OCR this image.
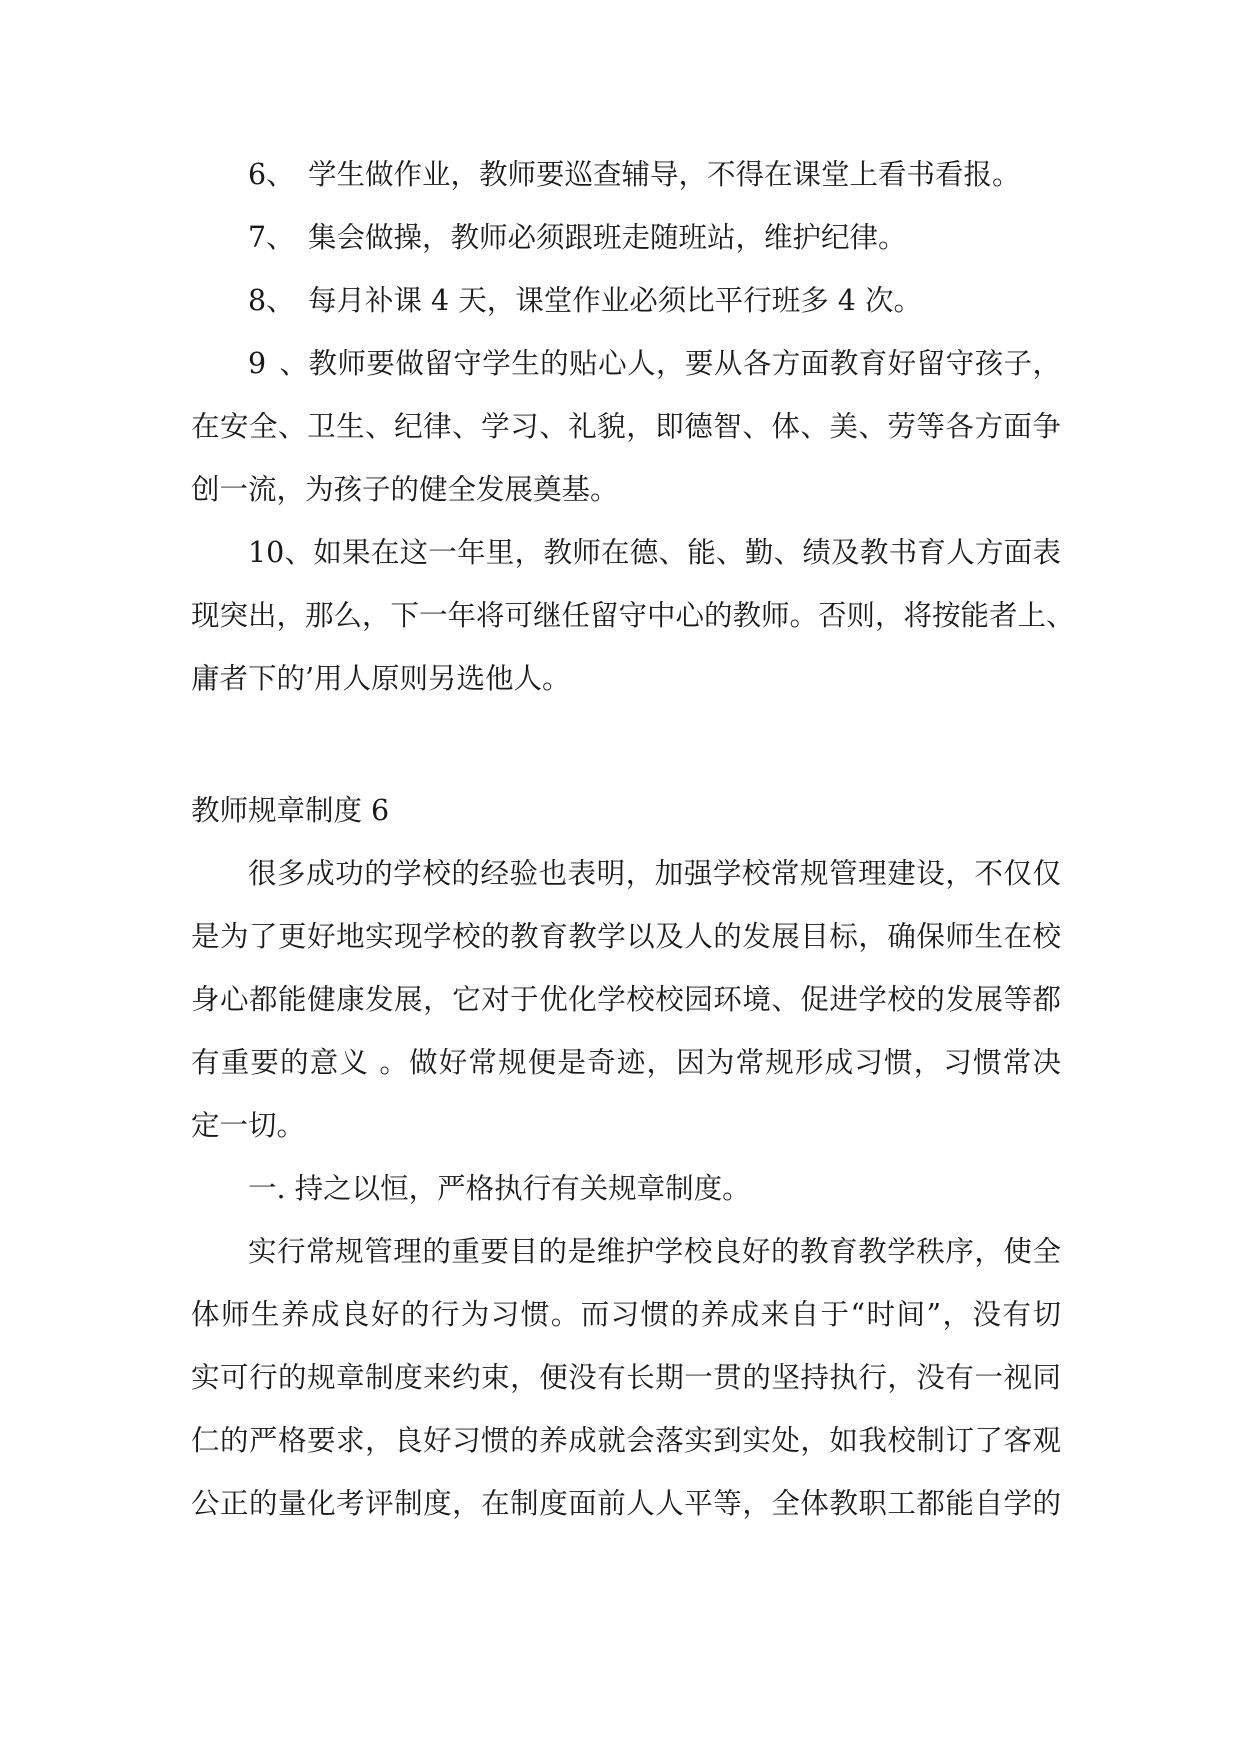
6、 学生做作业，教师要巡查辅导，不得在课堂上看书看报。
7、 集会做操，教师必须跟班走随班站，维护纪律。
8、 每月补课 4 天，课堂作业必须比平行班多 4 次。
9、教师要做留守学生的贴心人，要从各方面教育好留守孩子，
在安全、卫生、纪律、学习、礼貌，即德智、体、美、劳等各方面争
创一流，为孩子的健全发展奠基。
10、如果在这一年里，教师在德、能、勤、绩及教书育人方面表
现突出，那么，下一年将可继任留守中心的教师。否则，将按能者上、
庸者下的’用人原则另选他人。
教师规章制度 6
很多成功的学校的经验也表明，加强学校常规管理建设，不仅仅
是为了更好地实现学校的教育教学以及人的发展目标，确保师生在校
身心都能健康发展，它对于优化学校校园环境、促进学校的发展等都
有重要的意义 。做好常规便是奇迹，因为常规形成习惯，习惯常决
定一切。
一. 持之以恒，严格执行有关规章制度。
实行常规管理的重要目的是维护学校良好的教育教学秩序，使全
体师生养成良好的行为习惯。而习惯的养成来自于“时间”，没有切
实可行的规章制度来约束，便没有长期一贯的坚持执行，没有一视同
仁的严格要求，良好习惯的养成就会落实到实处，如我校制订了客观
公正的量化考评制度，在制度面前人人平等，全体教职工都能自学的
